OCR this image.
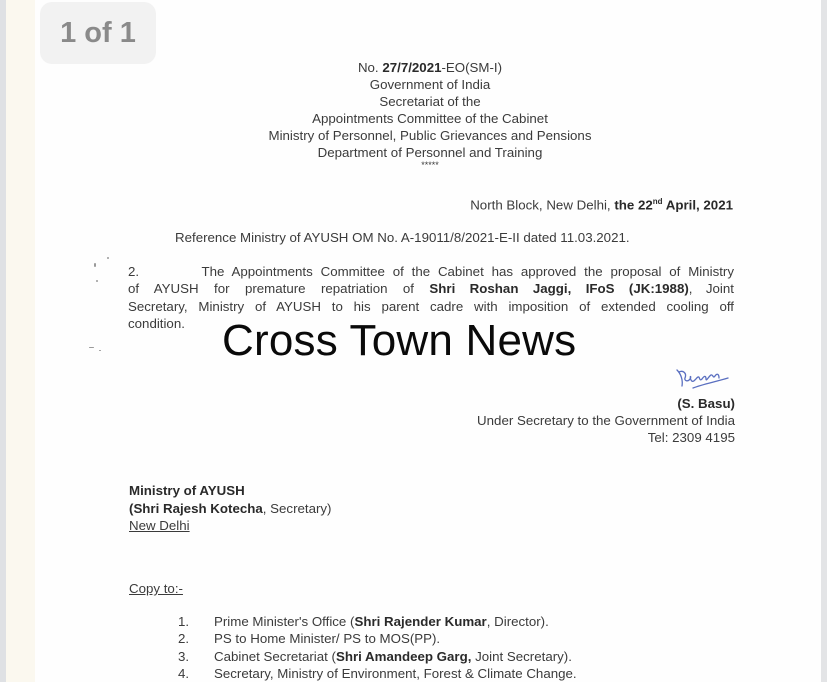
1 of 1
No. 27/7/2021-EO(SM-I)
Government of India
Secretariat of the
Appointments Committee of the Cabinet
Ministry of Personnel, Public Grievances and Pensions
Department of Personnel and Training
*****
North Block, New Delhi, the 22nd April, 2021
Reference Ministry of AYUSH OM No. A-19011/8/2021-E-II dated 11.03.2021.
2.        The Appointments Committee of the Cabinet has approved the proposal of Ministry
of AYUSH for premature repatriation of Shri Roshan Jaggi, IFoS (JK:1988), Joint
Secretary, Ministry of AYUSH to his parent cadre with imposition of extended cooling off
condition. Cross Town News
(S. Basu)
Under Secretary to the Government of India
Tel: 2309 4195
Ministry of AYUSH
(Shri Rajesh Kotecha, Secretary)
New Delhi
Copy to:-
1.	Prime Minister's Office (Shri Rajender Kumar, Director).
2.	PS to Home Minister/ PS to MOS(PP).
3.	Cabinet Secretariat (Shri Amandeep Garg, Joint Secretary).
4.	Secretary, Ministry of Environment, Forest & Climate Change.
